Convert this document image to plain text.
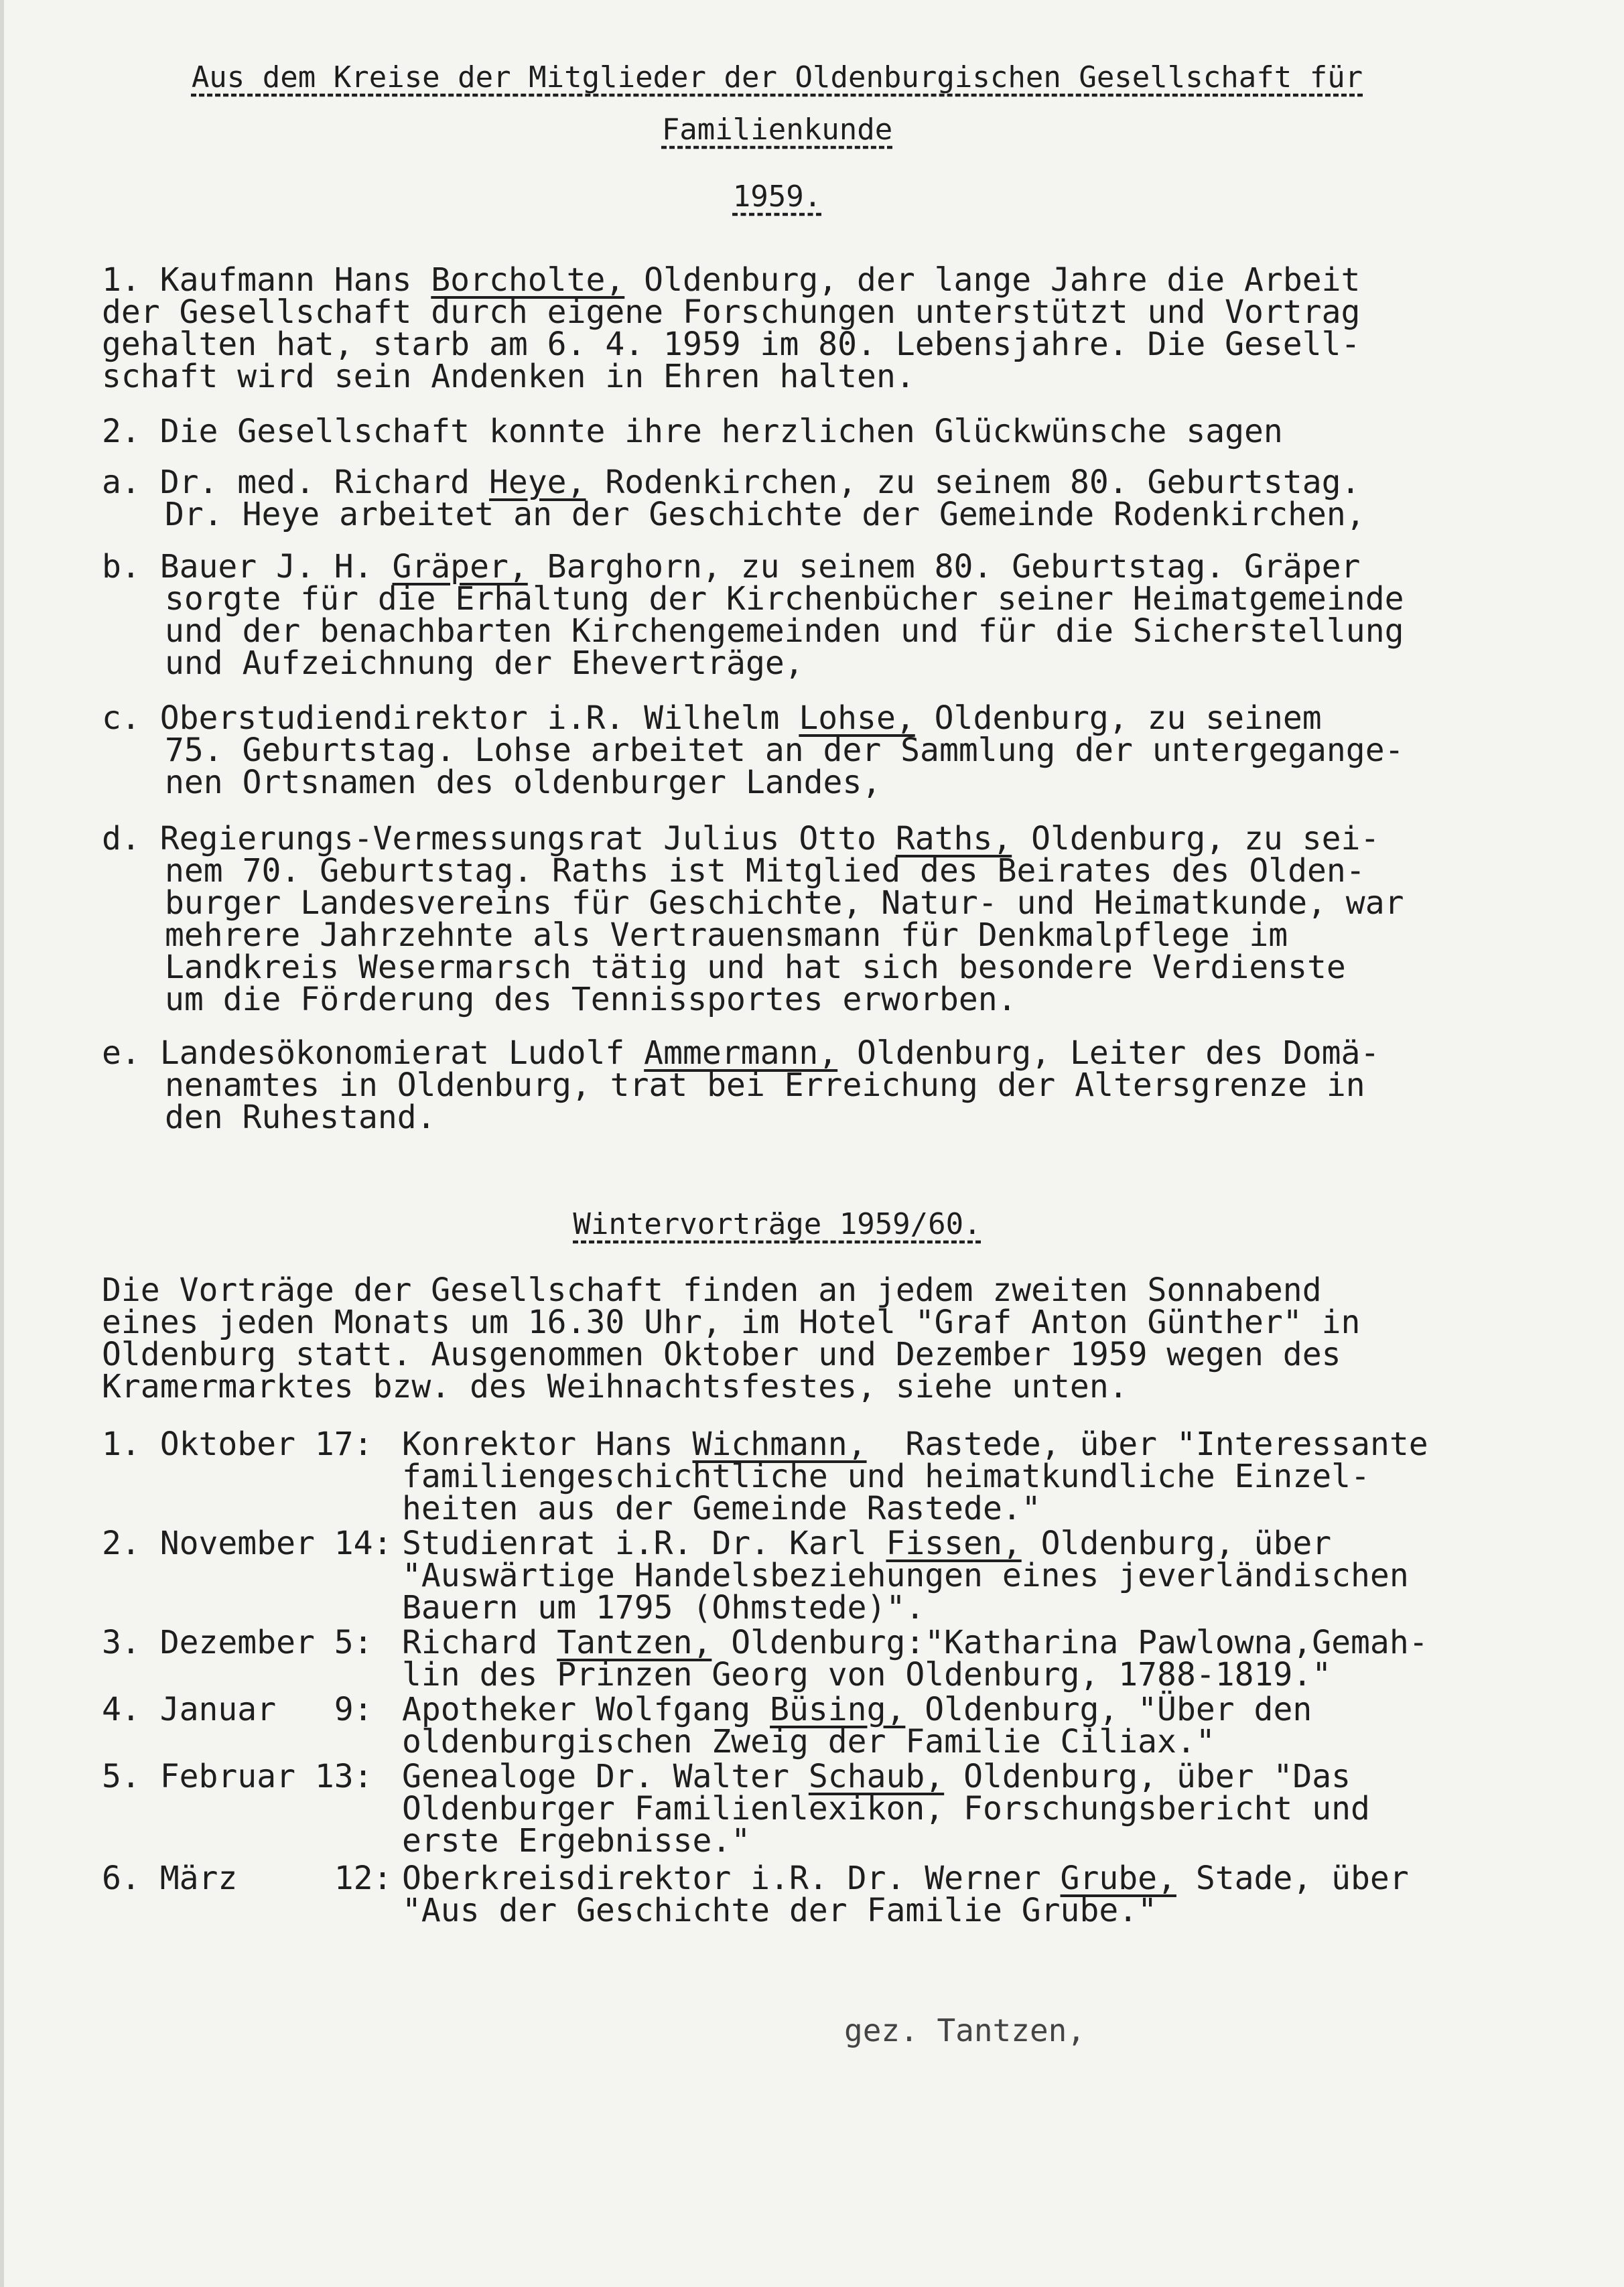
Aus dem Kreise der Mitglieder der Oldenburgischen Gesellschaft für
Familienkunde
1959.
1. Kaufmann Hans Borcholte, Oldenburg, der lange Jahre die Arbeit
der Gesellschaft durch eigene Forschungen unterstützt und Vortrag
gehalten hat, starb am 6. 4. 1959 im 80. Lebensjahre. Die Gesell-
schaft wird sein Andenken in Ehren halten.
2. Die Gesellschaft konnte ihre herzlichen Glückwünsche sagen
a. Dr. med. Richard Heye, Rodenkirchen, zu seinem 80. Geburtstag.
Dr. Heye arbeitet an der Geschichte der Gemeinde Rodenkirchen,
b. Bauer J. H. Gräper, Barghorn, zu seinem 80. Geburtstag. Gräper
sorgte für die Erhaltung der Kirchenbücher seiner Heimatgemeinde
und der benachbarten Kirchengemeinden und für die Sicherstellung
und Aufzeichnung der Eheverträge,
c. Oberstudiendirektor i.R. Wilhelm Lohse, Oldenburg, zu seinem
75. Geburtstag. Lohse arbeitet an der Sammlung der untergegange-
nen Ortsnamen des oldenburger Landes,
d. Regierungs-Vermessungsrat Julius Otto Raths, Oldenburg, zu sei-
nem 70. Geburtstag. Raths ist Mitglied des Beirates des Olden-
burger Landesvereins für Geschichte, Natur- und Heimatkunde, war
mehrere Jahrzehnte als Vertrauensmann für Denkmalpflege im
Landkreis Wesermarsch tätig und hat sich besondere Verdienste
um die Förderung des Tennissportes erworben.
e. Landesökonomierat Ludolf Ammermann, Oldenburg, Leiter des Domä-
nenamtes in Oldenburg, trat bei Erreichung der Altersgrenze in
den Ruhestand.
Wintervorträge 1959/60.
Die Vorträge der Gesellschaft finden an jedem zweiten Sonnabend
eines jeden Monats um 16.30 Uhr, im Hotel "Graf Anton Günther" in
Oldenburg statt. Ausgenommen Oktober und Dezember 1959 wegen des
Kramermarktes bzw. des Weihnachtsfestes, siehe unten.
1. Oktober 17: Konrektor Hans Wichmann,  Rastede, über "Interessante
familiengeschichtliche und heimatkundliche Einzel-
heiten aus der Gemeinde Rastede."
2. November 14: Studienrat i.R. Dr. Karl Fissen, Oldenburg, über
"Auswärtige Handelsbeziehungen eines jeverländischen
Bauern um 1795 (Ohmstede)".
3. Dezember 5: Richard Tantzen, Oldenburg:"Katharina Pawlowna,Gemah-
lin des Prinzen Georg von Oldenburg, 1788-1819."
4. Januar   9: Apotheker Wolfgang Büsing, Oldenburg, "Über den
oldenburgischen Zweig der Familie Ciliax."
5. Februar 13: Genealoge Dr. Walter Schaub, Oldenburg, über "Das
Oldenburger Familienlexikon, Forschungsbericht und
erste Ergebnisse."
6. März     12: Oberkreisdirektor i.R. Dr. Werner Grube, Stade, über
"Aus der Geschichte der Familie Grube."
gez. Tantzen,
